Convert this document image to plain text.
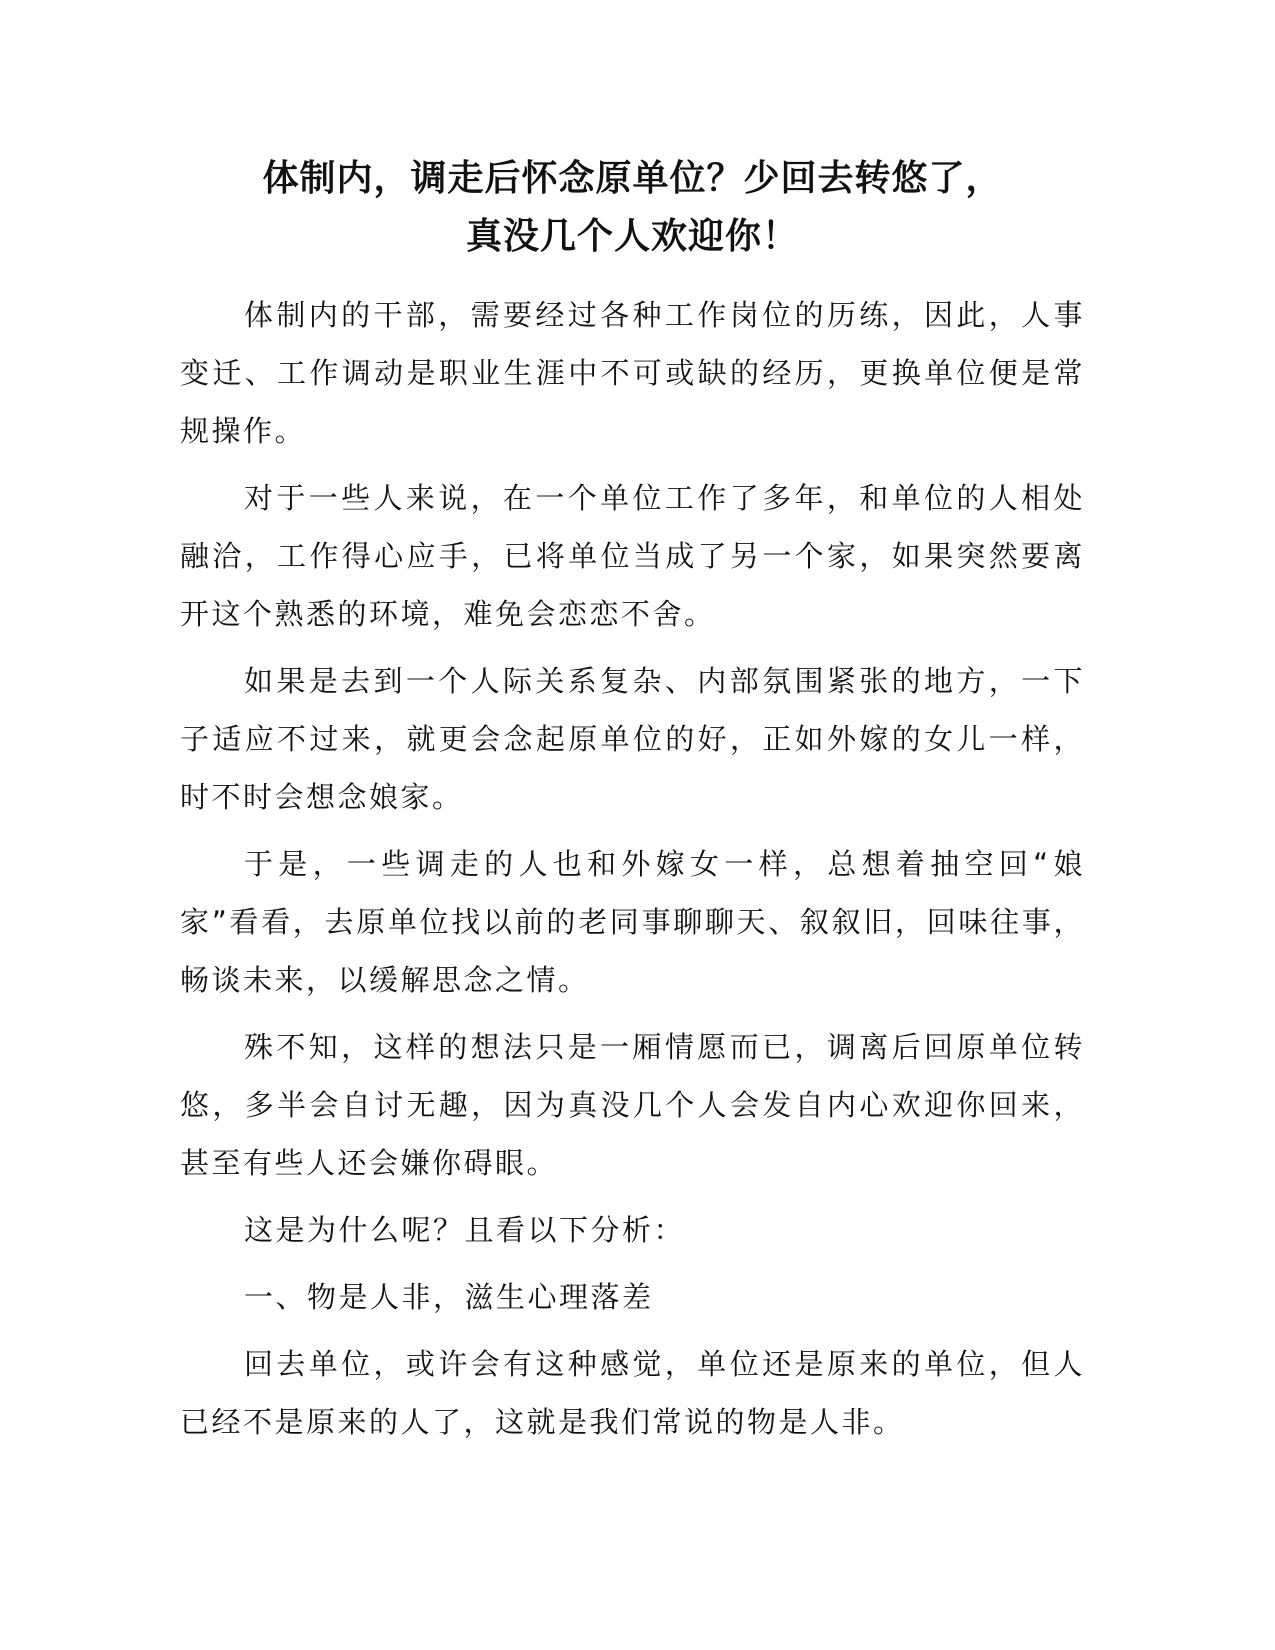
体制内，调走后怀念原单位？少回去转悠了，
真没几个人欢迎你！

体制内的干部，需要经过各种工作岗位的历练，因此，人事变迁、工作调动是职业生涯中不可或缺的经历，更换单位便是常规操作。

对于一些人来说，在一个单位工作了多年，和单位的人相处融洽，工作得心应手，已将单位当成了另一个家，如果突然要离开这个熟悉的环境，难免会恋恋不舍。

如果是去到一个人际关系复杂、内部氛围紧张的地方，一下子适应不过来，就更会念起原单位的好，正如外嫁的女儿一样，时不时会想念娘家。

于是，一些调走的人也和外嫁女一样，总想着抽空回“娘家”看看，去原单位找以前的老同事聊聊天、叙叙旧，回味往事，畅谈未来，以缓解思念之情。

殊不知，这样的想法只是一厢情愿而已，调离后回原单位转悠，多半会自讨无趣，因为真没几个人会发自内心欢迎你回来，甚至有些人还会嫌你碍眼。

这是为什么呢？且看以下分析：

一、物是人非，滋生心理落差

回去单位，或许会有这种感觉，单位还是原来的单位，但人已经不是原来的人了，这就是我们常说的物是人非。
